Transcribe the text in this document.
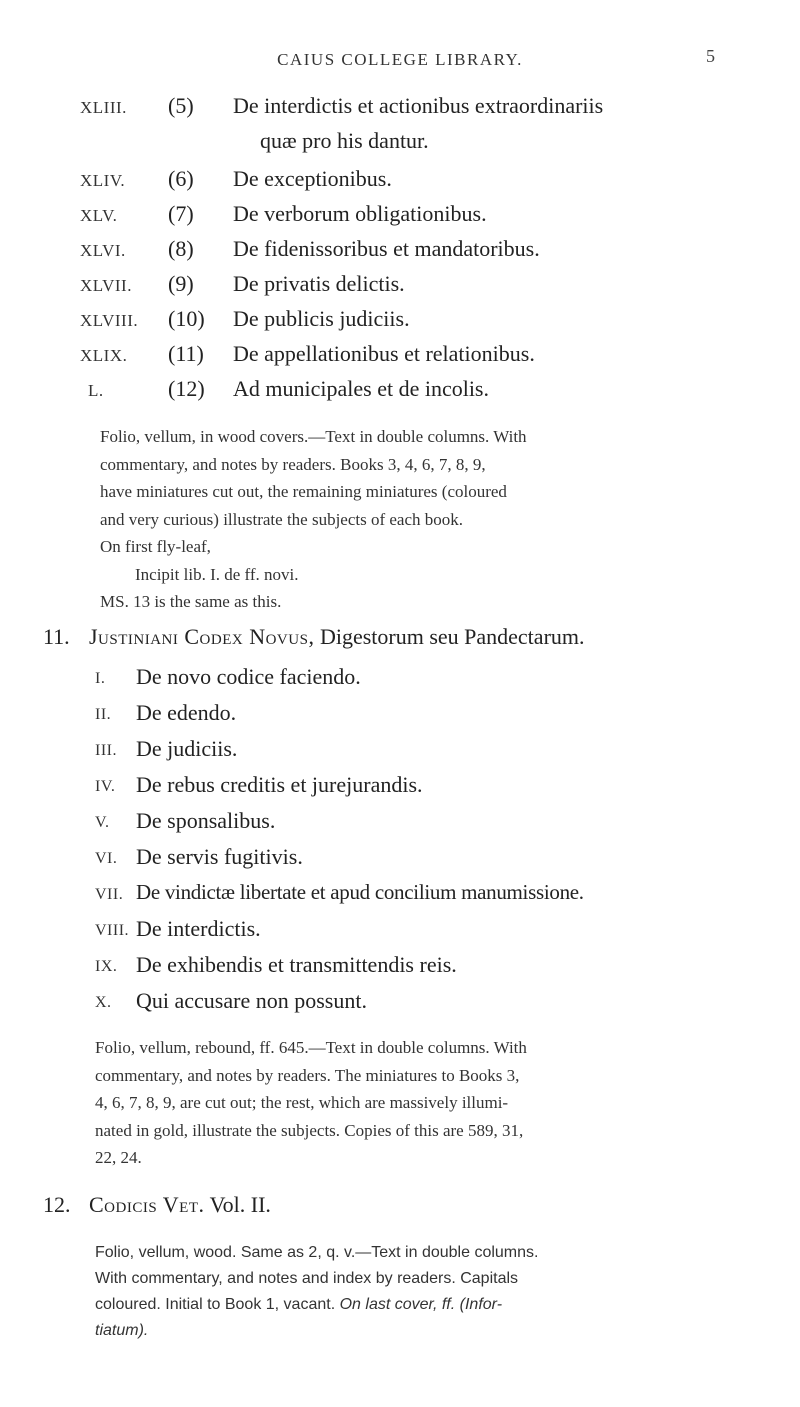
CAIUS COLLEGE LIBRARY.	5
XLIII. (5) De interdictis et actionibus extraordinariis
quæ pro his dantur.
XLIV. (6) De exceptionibus.
XLV. (7) De verborum obligationibus.
XLVI. (8) De fidenissoribus et mandatoribus.
XLVII. (9) De privatis delictis.
XLVIII. (10) De publicis judiciis.
XLIX. (11) De appellationibus et relationibus.
L.	(12) Ad municipales et de incolis.

Folio, vellum, in wood covers.—Text in double columns. With

commentary, and notes by readers. Books 3, 4, 6, 7, 8, 9,

have miniatures cut out, the remaining miniatures (coloured

and very curious) illustrate the subjects of each book.

On first fly-leaf,

Incipit lib. I. de ff. novi.

MS. 13 is the same as this.

11. Justiniani Codex Novus, Digestorum seu Pandectarum.
I. De novo codice faciendo.
II. De edendo.
III. De judiciis.
IV. De rebus creditis et jurejurandis.
V. De sponsalibus.
VI. De servis fugitivis.
VII. De vindictæ libertate et apud concilium manumissione.
VIII. De interdictis.
IX. De exhibendis et transmittendis reis.
X. Qui accusare non possunt.

Folio, vellum, rebound, ff. 645.—Text in double columns. With

commentary, and notes by readers. The miniatures to Books 3,

4, 6, 7, 8, 9, are cut out; the rest, which are massively illumi-

nated in gold, illustrate the subjects. Copies of this are 589, 31,

22, 24.

12. Codicis Vet. Vol. II.

Folio, vellum, wood. Same as 2, q. v.—Text in double columns.

With commentary, and notes and index by readers. Capitals

coloured. Initial to Book 1, vacant. On last cover, ff. (Infor-

tiatum).
